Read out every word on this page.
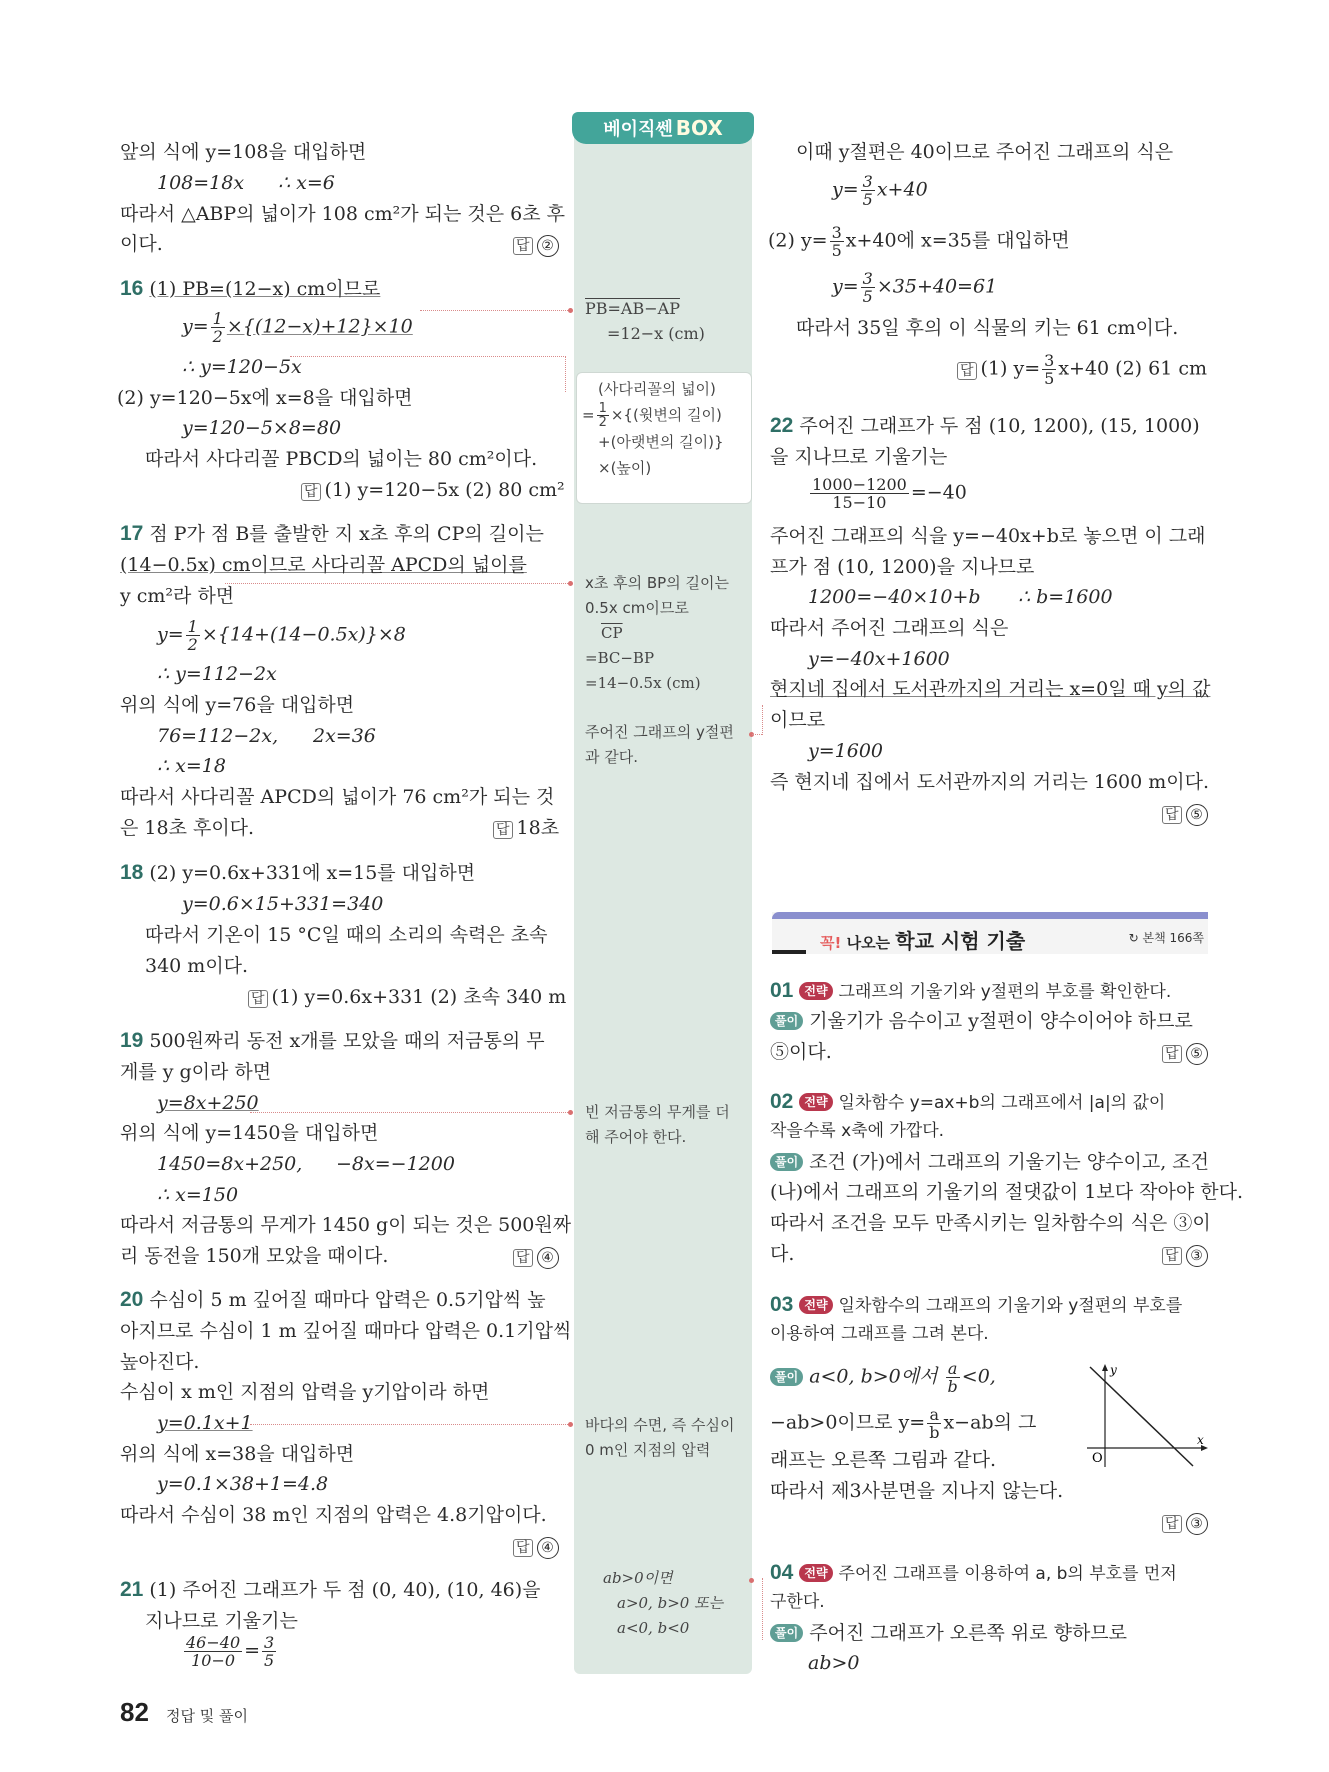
앞의 식에 y=108을 대입하면
108=18x ∴ x=6
따라서 △ABP의 넓이가 108 cm²가 되는 것은 6초 후
이다.	답 ②
16 (1) PB=(12−x) cm이므로
$y= \frac{1}{2} \times\{(12-x)+12\}\times 10$
∴ y=120−5x
(2) y=120−5x에 x=8을 대입하면
y=120−5×8=80
따라서 사다리꼴 PBCD의 넓이는 80 cm²이다.
답 (1) y=120−5x (2) 80 cm²
17 점 P가 점 B를 출발한 지 x초 후의 CP의 길이는
(14−0.5x) cm이므로 사다리꼴 APCD의 넓이를
y cm²라 하면
$y= \frac{1}{2} \times\{14+(14-0.5x)\}\times 8$
∴ y=112−2x
위의 식에 y=76을 대입하면
76=112−2x, 2x=36
∴ x=18
따라서 사다리꼴 APCD의 넓이가 76 cm²가 되는 것
은 18초 후이다.	답 18초
18 (2) y=0.6x+331에 x=15를 대입하면
y=0.6×15+331=340
따라서 기온이 15 °C일 때의 소리의 속력은 초속
340 m이다.
답 (1) y=0.6x+331 (2) 초속 340 m
19 500원짜리 동전 x개를 모았을 때의 저금통의 무
게를 y g이라 하면
y=8x+250
위의 식에 y=1450을 대입하면
1450=8x+250, −8x=−1200
∴ x=150
따라서 저금통의 무게가 1450 g이 되는 것은 500원짜
리 동전을 150개 모았을 때이다.	답 ④
20 수심이 5 m 깊어질 때마다 압력은 0.5기압씩 높
아지므로 수심이 1 m 깊어질 때마다 압력은 0.1기압씩
높아진다.
수심이 x m인 지점의 압력을 y기압이라 하면
y=0.1x+1
위의 식에 x=38을 대입하면
y=0.1×38+1=4.8
따라서 수심이 38 m인 지점의 압력은 4.8기압이다.
답 ④
21 (1) 주어진 그래프가 두 점 (0, 40), (10, 46)을
지나므로 기울기는
$\frac{46-40}{10-0} = \frac{3}{5}$
베이직쎈 BOX
PB=AB−AP
=12−x (cm)
(사다리꼴의 넓이)
= $\frac{1}{2}$ ×{(윗변의 길이)
+(아랫변의 길이)}
×(높이)
x초 후의 BP의 길이는
0.5x cm이므로
$\overline{CP}$
=BC−BP
=14−0.5x (cm)
주어진 그래프의 y절편
과 같다.
빈 저금통의 무게를 더
해 주어야 한다.
바다의 수면, 즉 수심이
0 m인 지점의 압력
ab>0이면
a>0, b>0 또는
a<0, b<0
이때 y절편은 40이므로 주어진 그래프의 식은
$y= \frac{3}{5} x+40$
(2) $y= \frac{3}{5} x+40$에 x=35를 대입하면
$y= \frac{3}{5} \times 35+40=61$
따라서 35일 후의 이 식물의 키는 61 cm이다.
답 (1) $y= \frac{3}{5} x+40$ (2) 61 cm
22 주어진 그래프가 두 점 (10, 1200), (15, 1000)
을 지나므로 기울기는
$\frac{1000-1200}{15-10} =-40$
주어진 그래프의 식을 y=−40x+b로 놓으면 이 그래
프가 점 (10, 1200)을 지나므로
1200=−40×10+b ∴ b=1600
따라서 주어진 그래프의 식은
y=−40x+1600
현지네 집에서 도서관까지의 거리는 x=0일 때 y의 값
이므로
y=1600
즉 현지네 집에서 도서관까지의 거리는 1600 m이다.
답 ⑤
꼭! 나오는 학교 시험 기출	↻ 본책 166쪽
01 전략 그래프의 기울기와 y절편의 부호를 확인한다.
풀이 기울기가 음수이고 y절편이 양수이어야 하므로
⑤이다.	답 ⑤
02 전략 일차함수 y=ax+b의 그래프에서 |a|의 값이
작을수록 x축에 가깝다.
풀이 조건 (가)에서 그래프의 기울기는 양수이고, 조건
(나)에서 그래프의 기울기의 절댓값이 1보다 작아야 한다.
따라서 조건을 모두 만족시키는 일차함수의 식은 ③이
다.	답 ③
03 전략 일차함수의 그래프의 기울기와 y절편의 부호를
이용하여 그래프를 그려 본다.
풀이 a<0, b>0에서 $\frac{a}{b} <0$,
−ab>0이므로 $y= \frac{a}{b} x-ab$의 그
래프는 오른쪽 그림과 같다.
따라서 제3사분면을 지나지 않는다.
답 ③
y
x
O
04 전략 주어진 그래프를 이용하여 a, b의 부호를 먼저
구한다.
풀이 주어진 그래프가 오른쪽 위로 향하므로
ab>0
82 정답 및 풀이
